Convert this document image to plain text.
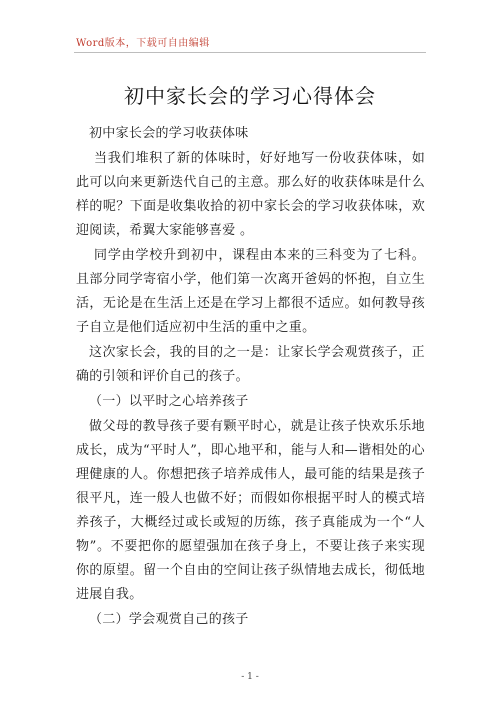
Word版本，下载可自由编辑
初中家长会的学习心得体会

初中家长会的学习收获体味

当我们堆积了新的体味时，好好地写一份收获体味，如此可以向来更新迭代自己的主意。那么好的收获体味是什么样的呢？下面是收集收拾的初中家长会的学习收获体味，欢迎阅读，希翼大家能够喜爱 。

同学由学校升到初中，课程由本来的三科变为了七科。且部分同学寄宿小学，他们第一次离开爸妈的怀抱，自立生活，无论是在生活上还是在学习上都很不适应。如何教导孩子自立是他们适应初中生活的重中之重。

这次家长会，我的目的之一是：让家长学会观赏孩子，正确的引领和评价自己的孩子。

（一）以平时之心培养孩子

做父母的教导孩子要有颗平时心，就是让孩子快欢乐乐地成长，成为“平时人”，即心地平和，能与人和—谐相处的心理健康的人。你想把孩子培养成伟人，最可能的结果是孩子很平凡，连一般人也做不好；而假如你根据平时人的模式培养孩子，大概经过或长或短的历练，孩子真能成为一个“人物”。不要把你的愿望强加在孩子身上，不要让孩子来实现你的原望。留一个自由的空间让孩子纵情地去成长，彻低地进展自我。

（二）学会观赏自己的孩子

- 1 -
